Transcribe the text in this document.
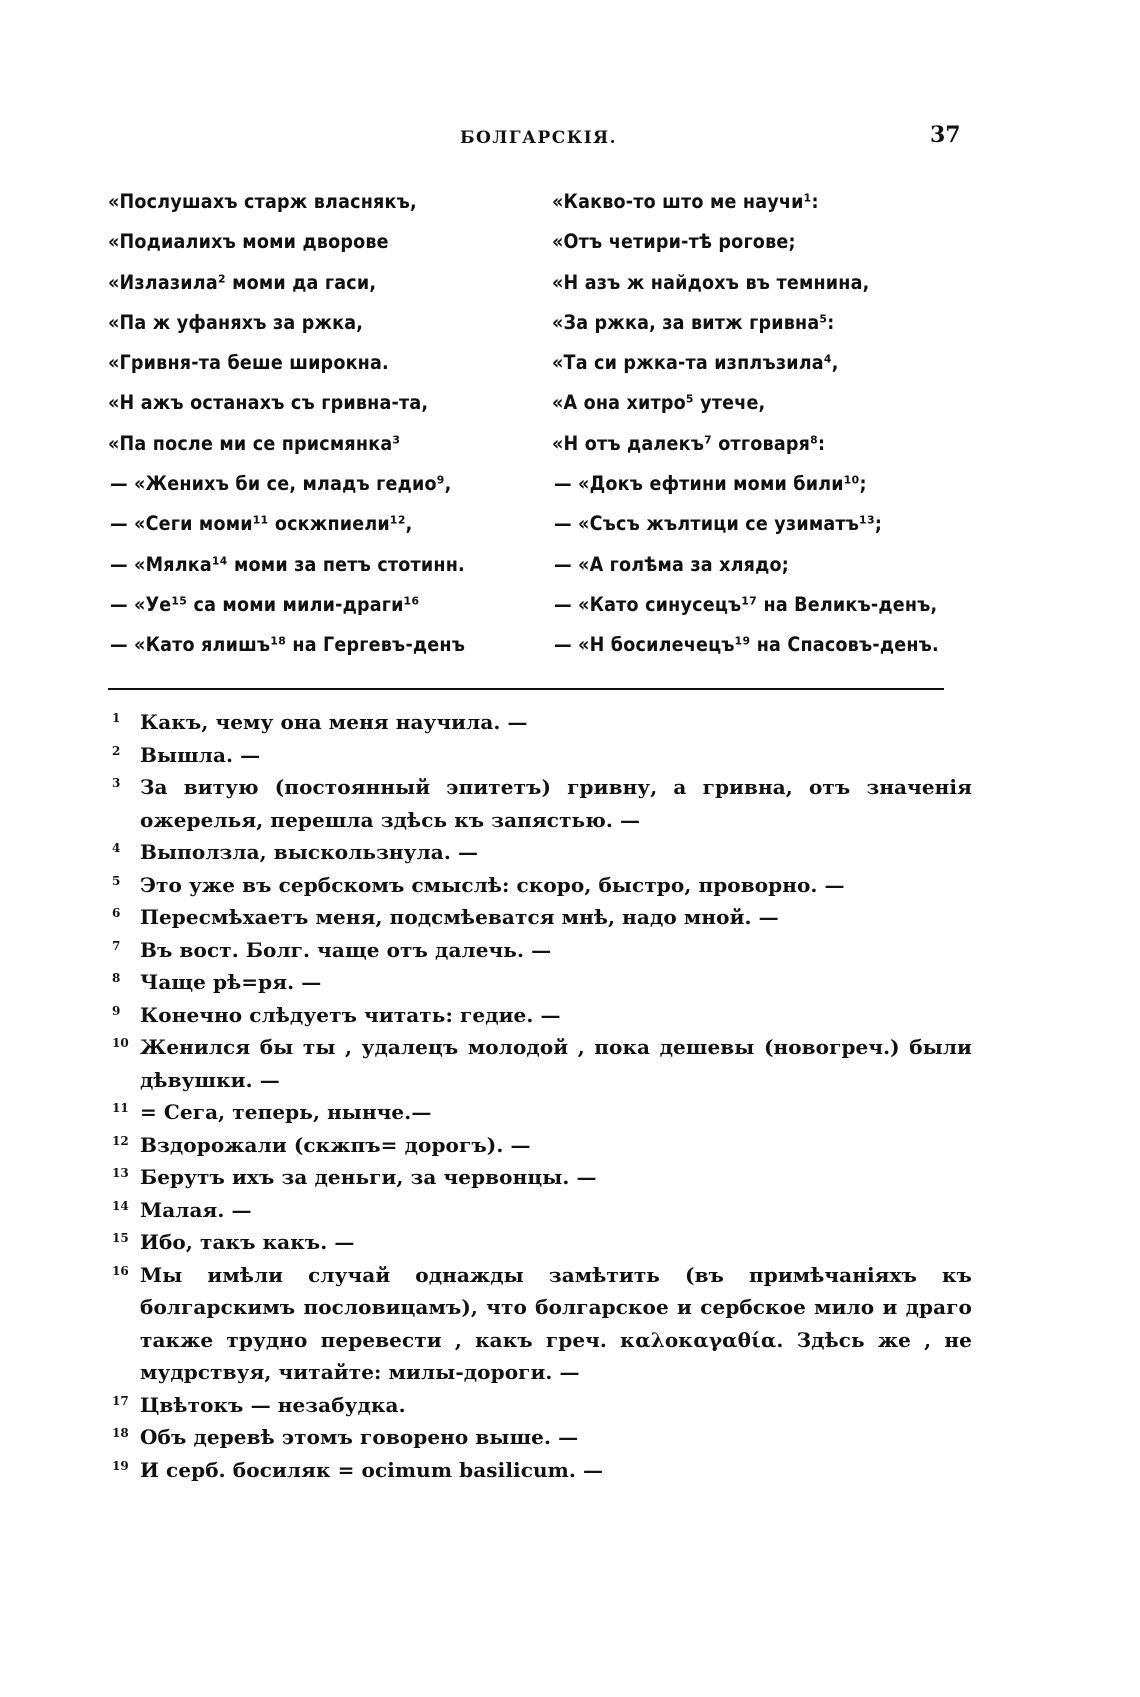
БОЛГАРСКІЯ.	37
«Послушахъ старж власнякъ,
«Подиалихъ моми дворове
«Излазила² моми да гаси,
«Па ж уфаняхъ за ржка,
«Гривня-та беше широкна.
«Н ажъ останахъ съ гривна-та,
«Па после ми се присмянка³
— «Женихъ би се, младъ гедио⁹,
— «Сеги моми¹¹ оскжпиели¹²,
— «Мялка¹⁴ моми за петъ стотинн.
— «Уе¹⁵ са моми мили-драги¹⁶
— «Като ялишъ¹⁸ на Гергевъ-денъ
«Какво-то што ме научи¹:
«Отъ четири-тѣ рогове;
«Н азъ ж найдохъ въ темнина,
«За ржка, за витж гривна⁵:
«Та си ржка-та изплъзила⁴,
«А она хитро⁵ утече,
«Н отъ далекъ⁷ отговаря⁸:
— «Докъ ефтини моми били¹⁰;
— «Съсъ жълтици се узиматъ¹³;
— «А голѣма за хлядо;
— «Като синусецъ¹⁷ на Великъ-денъ,
— «Н босилечецъ¹⁹ на Спасовъ-денъ.
1 Какъ, чему она меня научила. —
2 Вышла. —
3 За витую (постоянный эпитетъ) гривну, а гривна, отъ значенія ожерелья, перешла здѣсь къ запястью. —
4 Выползла, выскользнула. —
5 Это уже въ сербскомъ смыслѣ: скоро, быстро, проворно. —
6 Пересмѣхаетъ меня, подсмѣеватся мнѣ, надо мной. —
7 Въ вост. Болг. чаще отъ далечь. —
8 Чаще рѣ=ря. —
9 Конечно слѣдуетъ читать: гедие. —
10 Женился бы ты , удалецъ молодой , пока дешевы (новогреч.) были дѣвушки. —
11 = Сега, теперь, нынче.—
12 Вздорожали (скжпъ= дорогъ). —
13 Берутъ ихъ за деньги, за червонцы. —
14 Малая. —
15 Ибо, такъ какъ. —
16 Мы имѣли случай однажды замѣтить (въ примѣчаніяхъ къ болгарскимъ пословицамъ), что болгарское и сербское мило и драго также трудно перевести , какъ греч. καλοκαγαθία. Здѣсь же , не мудрствуя, читайте: милы-дороги. —
17 Цвѣтокъ — незабудка.
18 Объ деревѣ этомъ говорено выше. —
19 И серб. босиляк = ocimum basilicum. —
